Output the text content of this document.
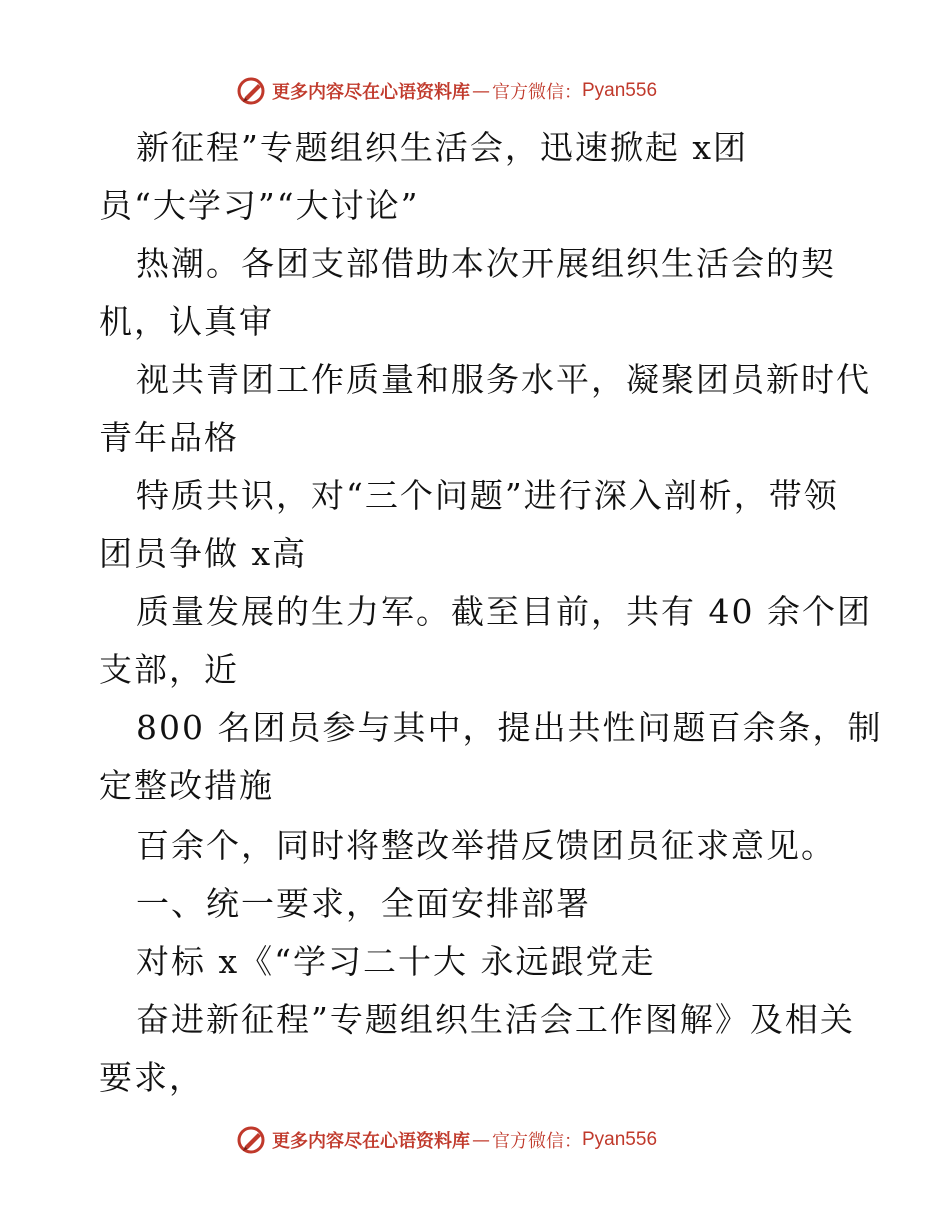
更多内容尽在心语资料库 — 官方微信： Pyan556
新征程”专题组织生活会，迅速掀起 x团
员“大学习”“大讨论”
热潮。各团支部借助本次开展组织生活会的契
机，认真审
视共青团工作质量和服务水平，凝聚团员新时代
青年品格
特质共识，对“三个问题”进行深入剖析，带领
团员争做 x高
质量发展的生力军。截至目前，共有 40 余个团
支部，近
800 名团员参与其中，提出共性问题百余条，制
定整改措施
百余个，同时将整改举措反馈团员征求意见。
一、统一要求，全面安排部署
对标 x《“学习二十大 永远跟党走
奋进新征程”专题组织生活会工作图解》及相关
要求，
更多内容尽在心语资料库 — 官方微信： Pyan556
